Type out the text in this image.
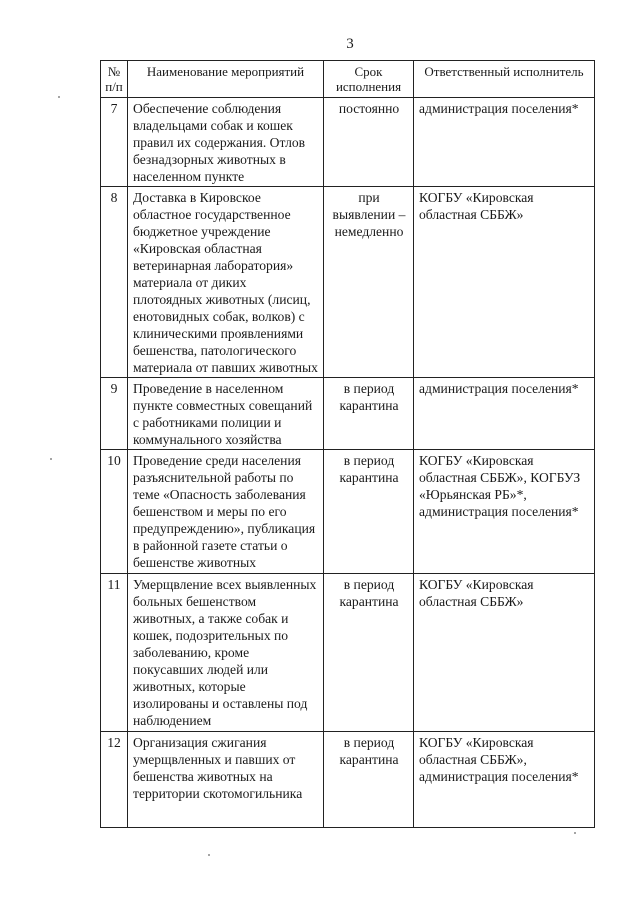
3
№ п/п	Наименование мероприятий	Срок исполнения	Ответственный исполнитель
7	Обеспечение соблюдения владельцами собак и кошек правил их содержания. Отлов безнадзорных животных в населенном пункте	постоянно	администрация поселения*
8	Доставка в Кировское областное государственное бюджетное учреждение «Кировская областная ветеринарная лаборатория» материала от диких плотоядных животных (лисиц, енотовидных собак, волков) с клиническими проявлениями бешенства, патологического материала от павших животных	при выявлении – немедленно	КОГБУ «Кировская областная СББЖ»
9	Проведение в населенном пункте совместных совещаний с работниками полиции и коммунального хозяйства	в период карантина	администрация поселения*
10	Проведение среди населения разъяснительной работы по теме «Опасность заболевания бешенством и меры по его предупреждению», публикация в районной газете статьи о бешенстве животных	в период карантина	КОГБУ «Кировская областная СББЖ», КОГБУЗ «Юрьянская РБ»*, администрация поселения*
11	Умерщвление всех выявленных больных бешенством животных, а также собак и кошек, подозрительных по заболеванию, кроме покусавших людей или животных, которые изолированы и оставлены под наблюдением	в период карантина	КОГБУ «Кировская областная СББЖ»
12	Организация сжигания умерщвленных и павших от бешенства животных на территории скотомогильника	в период карантина	КОГБУ «Кировская областная СББЖ», администрация поселения*
